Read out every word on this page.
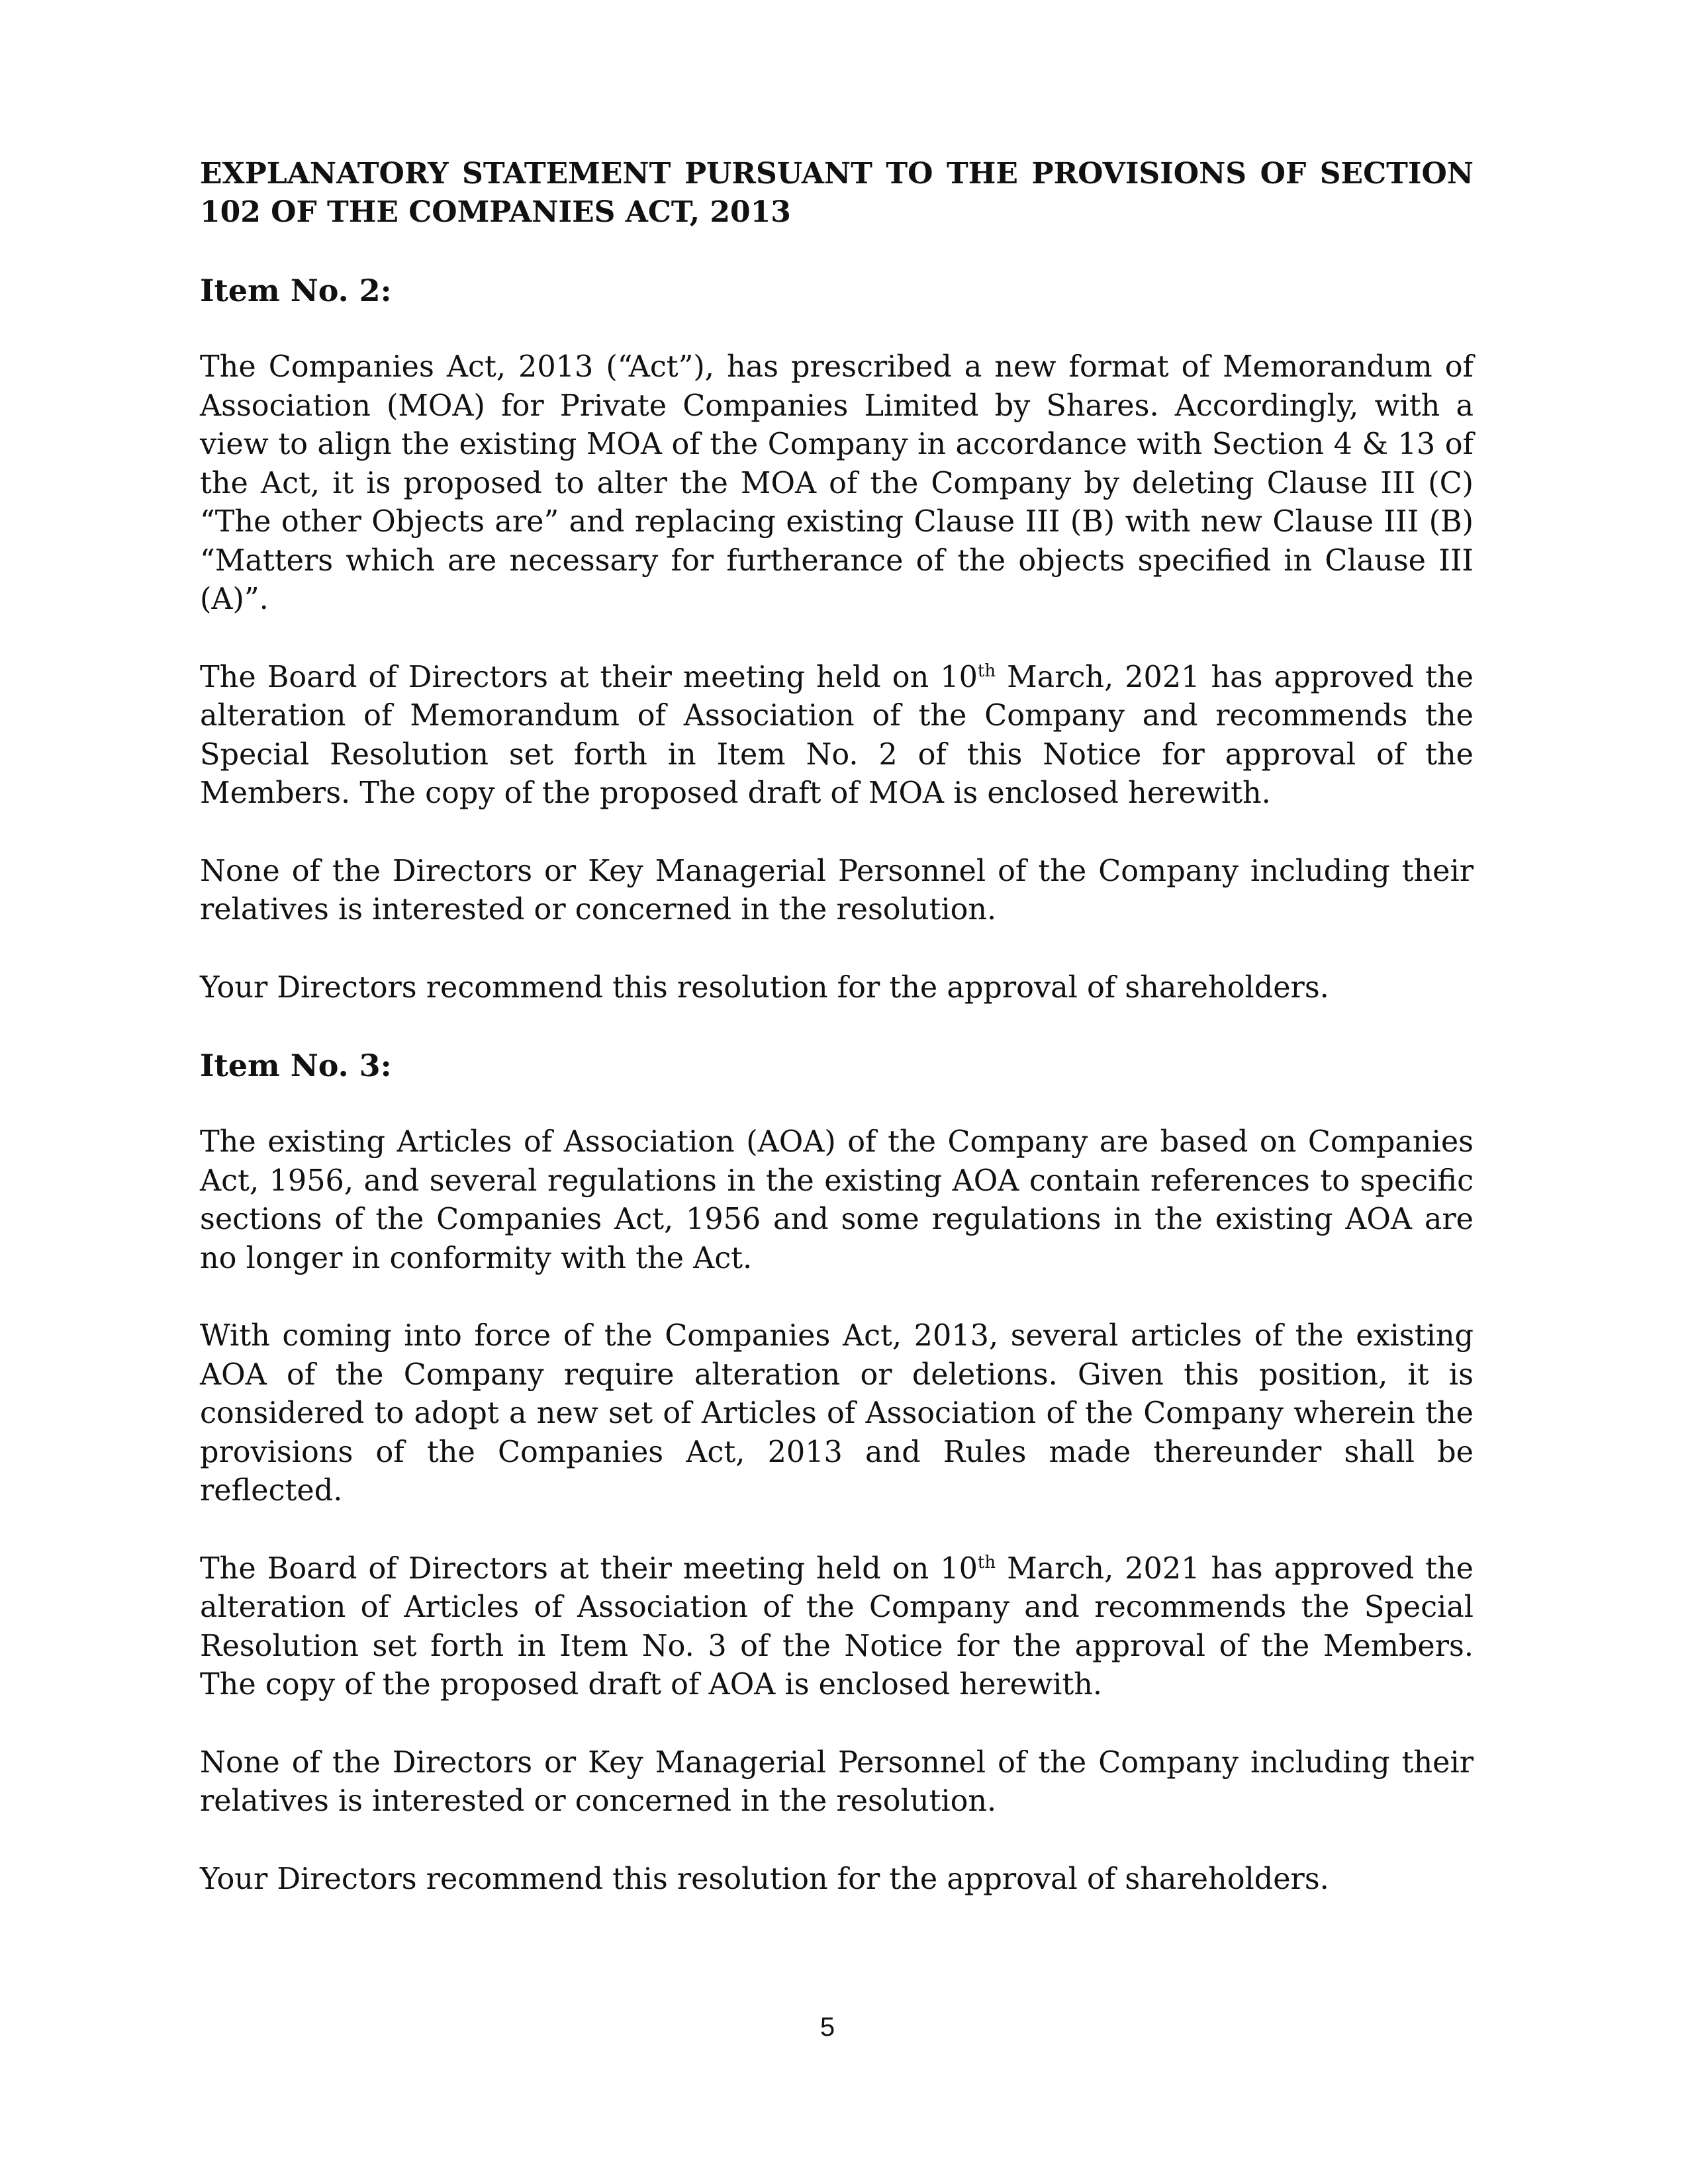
EXPLANATORY STATEMENT PURSUANT TO THE PROVISIONS OF SECTION 102 OF THE COMPANIES ACT, 2013
Item No. 2:

The Companies Act, 2013 (“Act”), has prescribed a new format of Memorandum of Association (MOA) for Private Companies Limited by Shares. Accordingly, with a view to align the existing MOA of the Company in accordance with Section 4 & 13 of the Act, it is proposed to alter the MOA of the Company by deleting Clause III (C) “The other Objects are” and replacing existing Clause III (B) with new Clause III (B) “Matters which are necessary for furtherance of the objects specified in Clause III (A)”.

The Board of Directors at their meeting held on 10th March, 2021 has approved the alteration of Memorandum of Association of the Company and recommends the Special Resolution set forth in Item No. 2 of this Notice for approval of the Members. The copy of the proposed draft of MOA is enclosed herewith.

None of the Directors or Key Managerial Personnel of the Company including their relatives is interested or concerned in the resolution.

Your Directors recommend this resolution for the approval of shareholders.

Item No. 3:

The existing Articles of Association (AOA) of the Company are based on Companies Act, 1956, and several regulations in the existing AOA contain references to specific sections of the Companies Act, 1956 and some regulations in the existing AOA are no longer in conformity with the Act.

With coming into force of the Companies Act, 2013, several articles of the existing AOA of the Company require alteration or deletions. Given this position, it is considered to adopt a new set of Articles of Association of the Company wherein the provisions of the Companies Act, 2013 and Rules made thereunder shall be reflected.

The Board of Directors at their meeting held on 10th March, 2021 has approved the alteration of Articles of Association of the Company and recommends the Special Resolution set forth in Item No. 3 of the Notice for the approval of the Members. The copy of the proposed draft of AOA is enclosed herewith.

None of the Directors or Key Managerial Personnel of the Company including their relatives is interested or concerned in the resolution.

Your Directors recommend this resolution for the approval of shareholders.

5
